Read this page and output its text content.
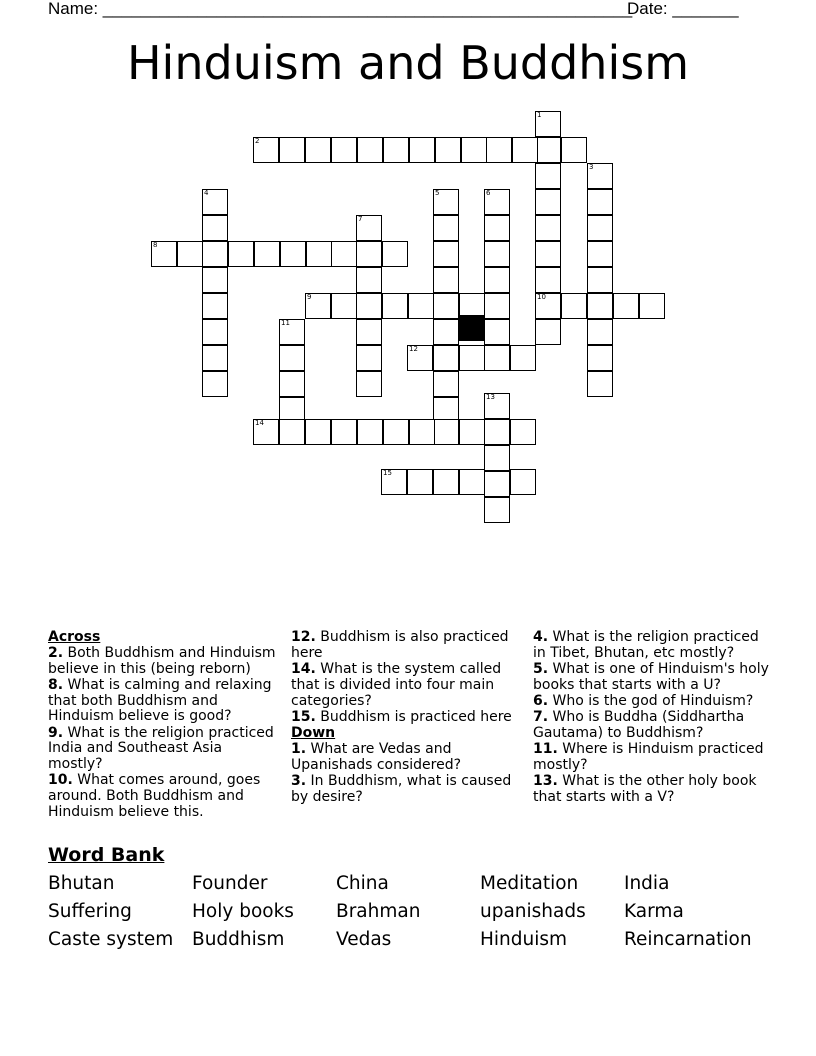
Name: ________________________________________________________
Date: _______
Hinduism and Buddhism
1
2
3
4	5	6
7
8
9	10
11
12
13
14
15
Across
2. Both Buddhism and Hinduism believe in this (being reborn)
8. What is calming and relaxing that both Buddhism and Hinduism believe is good?
9. What is the religion practiced India and Southeast Asia mostly?
10. What comes around, goes around. Both Buddhism and Hinduism believe this.
12. Buddhism is also practiced here
14. What is the system called that is divided into four main categories?
15. Buddhism is practiced here
Down
1. What are Vedas and Upanishads considered?
3. In Buddhism, what is caused by desire?
4. What is the religion practiced in Tibet, Bhutan, etc mostly?
5. What is one of Hinduism's holy books that starts with a U?
6. Who is the god of Hinduism?
7. Who is Buddha (Siddhartha Gautama) to Buddhism?
11. Where is Hinduism practiced mostly?
13. What is the other holy book that starts with a V?
Word Bank
Bhutan	Founder	China	Meditation	India
Suffering	Holy books	Brahman	upanishads	Karma
Caste system	Buddhism	Vedas	Hinduism	Reincarnation
